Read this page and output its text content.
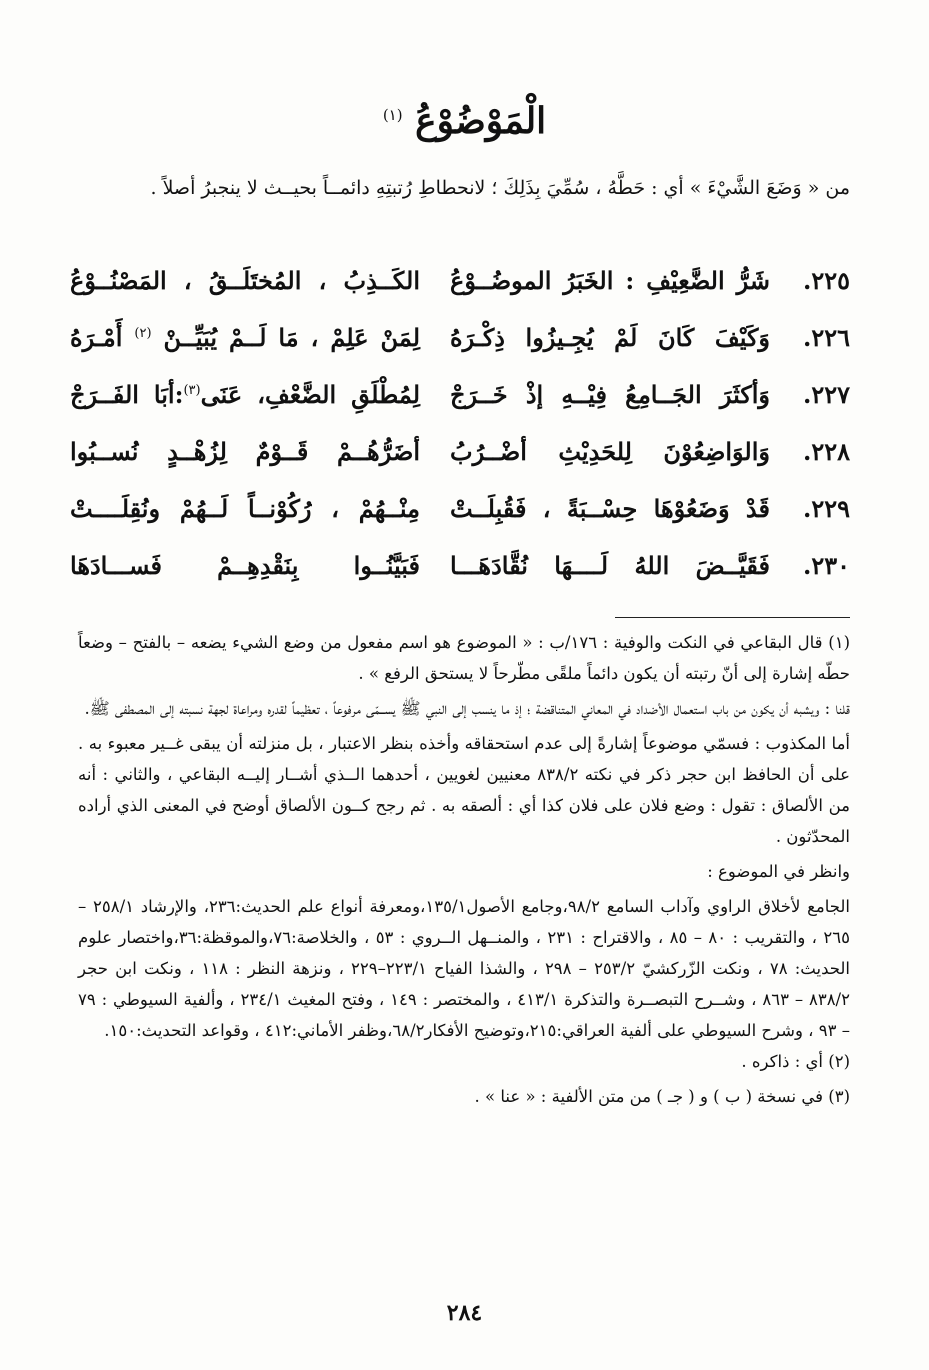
الْمَوْضُوْعُ $^{(١)}$

من « وَضَعَ الشَّيْءَ » أي : حَطَّهُ ، سُمِّيَ بِذَلِكَ ؛ لانحطاطِ رُتبتِهِ دائمــاً بحيــث لا ينجبرُ أصلاً .

٢٢٥.
شَرُّ الضَّعِيْفِ : الخَبَرُ الموضُــوْعُ
الكَــذِبُ ، المُختَلَــقُ ، المَصْنُــوْعُ
٢٢٦.
وَكَيْفَ كَانَ لَمْ يُجِـيزُوا ذِكْـرَهُ
لِمَنْ عَلِمْ ، مَا لَــمْ يُبَيِّــنْ $^{(٢)}$ أَمْـرَهُ
٢٢٧.
وَأكثَرَ الجَــامِعُ فِيْــهِ إذْ خَــرَجْ
لِمُطْلَقِ الضَّعْفِ، عَنَى$^{(٣)}$:أبَا الفَــرَجْ
٢٢٨.
وَالوَاضِعُوْنَ لِلحَدِيْثِ أضْــرُبُ
أضَرُّهُــمْ قَــوْمٌ لِزُهْــدٍ نُســبُوا
٢٢٩.
قَدْ وَضَعُوْهَا حِسْــبَةً ، فَقُبِلَــتْ
مِنْــهُمْ ، رُكُوْنــاً لَــهُمْ ونُقِلَــــتْ
٢٣٠.
فَقَيَّــضَ اللهُ لَــــهَا نُقَّادَهَـــا
فَبَيَّنُــوا بِنَقْدِهِــمْ فَســـادَهَا

(١) قال البقاعي في النكت والوفية : ١٧٦/ب : « الموضوع هو اسم مفعول من وضع الشيء يضعه – بالفتح – وضعاً حطّه إشارة إلى أنّ رتبته أن يكون دائماً ملقًى مطّرحاً لا يستحق الرفع » .

قلنا : ويشبه أن يكون من باب استعمال الأضداد في المعاني المتناقضة ؛ إذ ما ينسب إلى النبي ﷺ يســمّى مرفوعاً ، تعظيماً لقدره ومراعاة لجهة نسبته إلى المصطفى ﷺ.

أما المكذوب : فسمّي موضوعاً إشارةً إلى عدم استحقاقه وأخذه بنظر الاعتبار ، بل منزلته أن يبقى غــير معبوء به . على أن الحافظ ابن حجر ذكر في نكته ٨٣٨/٢ معنيين لغويين ، أحدهما الــذي أشــار إليــه البقاعي ، والثاني : أنه من الألصاق : تقول : وضع فلان على فلان كذا أي : ألصقه به . ثم رجح كــون الألصاق أوضح في المعنى الذي أراده المحدّثون .

وانظر في الموضوع :

الجامع لأخلاق الراوي وآداب السامع ٩٨/٢،وجامع الأصول١٣٥/١،ومعرفة أنواع علم الحديث:٢٣٦، والإرشاد ٢٥٨/١ – ٢٦٥ ، والتقريب : ٨٠ – ٨٥ ، والاقتراح : ٢٣١ ، والمنــهل الــروي : ٥٣ ، والخلاصة:٧٦،والموقظة:٣٦،واختصار علوم الحديث: ٧٨ ، ونكت الزّركشيّ ٢٥٣/٢ – ٢٩٨ ، والشذا الفياح ٢٢٣/١–٢٢٩ ، ونزهة النظر : ١١٨ ، ونكت ابن حجر ٨٣٨/٢ – ٨٦٣ ، وشــرح التبصــرة والتذكرة ٤١٣/١ ، والمختصر : ١٤٩ ، وفتح المغيث ٢٣٤/١ ، وألفية السيوطي : ٧٩ – ٩٣ ، وشرح السيوطي على ألفية العراقي:٢١٥،وتوضيح الأفكار٦٨/٢،وظفر الأماني:٤١٢ ، وقواعد التحديث:١٥٠.

(٢) أي : ذاكره .

(٣) في نسخة ( ب ) و ( جـ ) من متن الألفية : « عنا » .

٢٨٤
